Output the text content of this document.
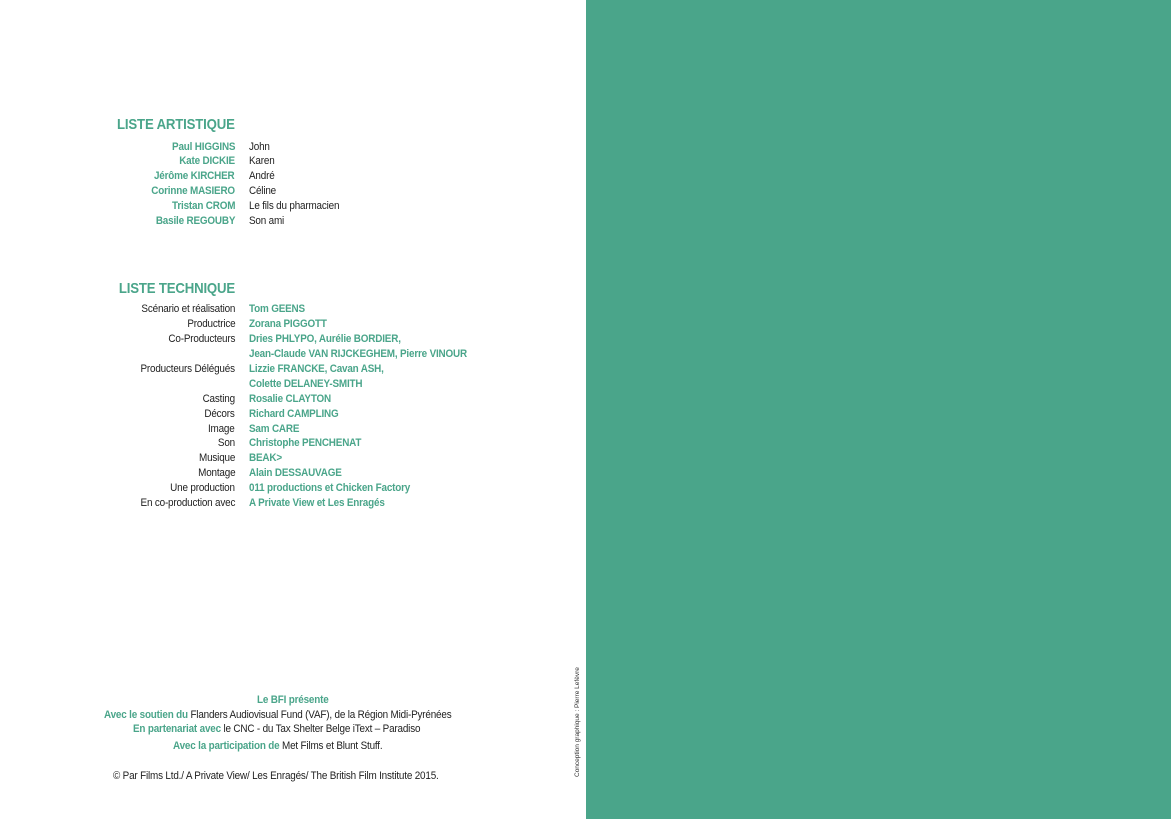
LISTE ARTISTIQUE
Paul HIGGINS John
Kate DICKIE Karen
Jérôme KIRCHER André
Corinne MASIERO Céline
Tristan CROM Le fils du pharmacien
Basile REGOUBY Son ami
LISTE TECHNIQUE
Scénario et réalisation Tom GEENS
Productrice Zorana PIGGOTT
Co-Producteurs Dries PHLYPO, Aurélie BORDIER,
Jean-Claude VAN RIJCKEGHEM, Pierre VINOUR
Producteurs Délégués Lizzie FRANCKE, Cavan ASH,
Colette DELANEY-SMITH
Casting Rosalie CLAYTON
Décors Richard CAMPLING
Image Sam CARE
Son Christophe PENCHENAT
Musique BEAK>
Montage Alain DESSAUVAGE
Une production 011 productions et Chicken Factory
En co-production avec A Private View et Les Enragés
Le BFI présente
Avec le soutien du Flanders Audiovisual Fund (VAF), de la Région Midi-Pyrénées
En partenariat avec le CNC - du Tax Shelter Belge iText – Paradiso
Avec la participation de Met Films et Blunt Stuff.
© Par Films Ltd./ A Private View/ Les Enragés/ The British Film Institute 2015.	Conception graphique : Pierre Lefèvre
